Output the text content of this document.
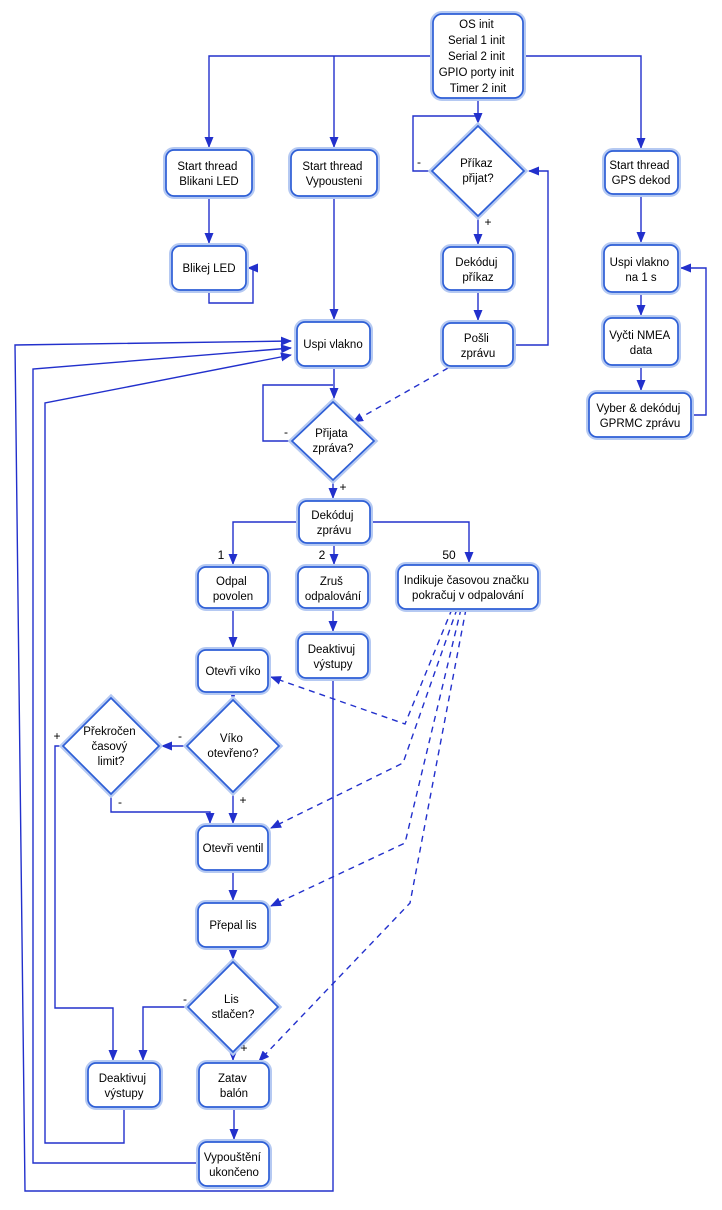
OS init Serial 1 init Serial 2 init GPIO porty init Timer 2 init
Start thread Blikani LED
Start thread Vypousteni
Start thread GPS dekod
Blikej LED
Příkaz přijat?
Dekóduj příkaz
Pošli zprávu
Uspi vlakno
Uspi vlakno na 1 s
Vyčti NMEA data
Vyber & dekóduj GPRMC zprávu
Přijata zpráva?
Dekóduj zprávu
Odpal povolen
Zruš odpalování
Indikuje časovou značku pokračuj v odpalování
Otevři víko
Deaktivuj výstupy
Víko otevřeno?
Překročen časový limit?
Otevři ventil
Přepal lis
Lis stlačen?
Deaktivuj výstupy
Zatav balón
Vypouštění ukončeno
-
+
-
+
1	2	50
-
+
+
-
-
+
